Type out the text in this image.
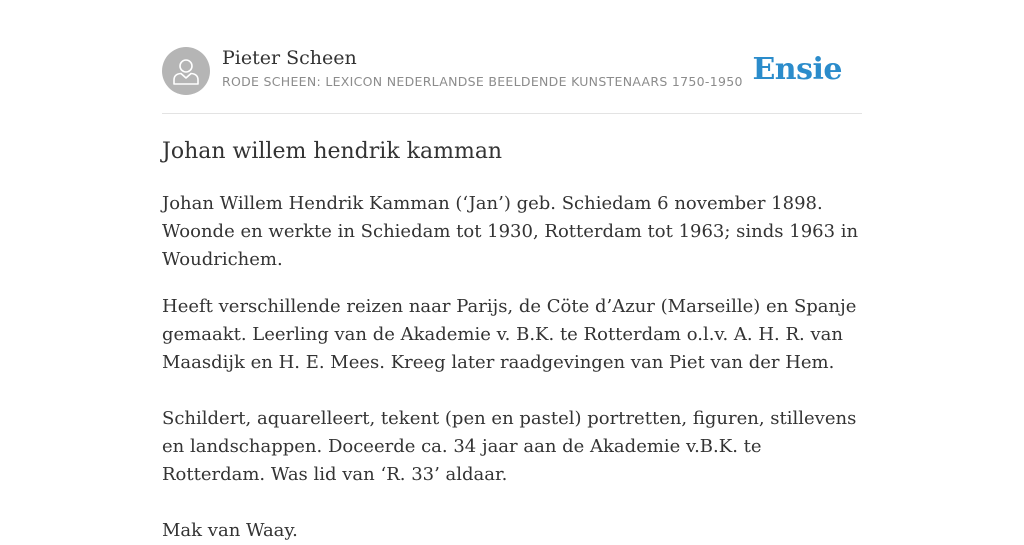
Pieter Scheen
RODE SCHEEN: LEXICON NEDERLANDSE BEELDENDE KUNSTENAARS 1750-1950 Ensie
Johan willem hendrik kamman

Johan Willem Hendrik Kamman (‘Jan’) geb. Schiedam 6 november 1898. Woonde en werkte in Schiedam tot 1930, Rotterdam tot 1963; sinds 1963 in Woudrichem.

Heeft verschillende reizen naar Parijs, de Cöte d’Azur (Marseille) en Spanje gemaakt. Leerling van de Akademie v. B.K. te Rotterdam o.l.v. A. H. R. van Maasdijk en H. E. Mees. Kreeg later raadgevingen van Piet van der Hem.

Schildert, aquarelleert, tekent (pen en pastel) portretten, figuren, stillevens en landschappen. Doceerde ca. 34 jaar aan de Akademie v.B.K. te Rotterdam. Was lid van ‘R. 33’ aldaar.

Mak van Waay.
